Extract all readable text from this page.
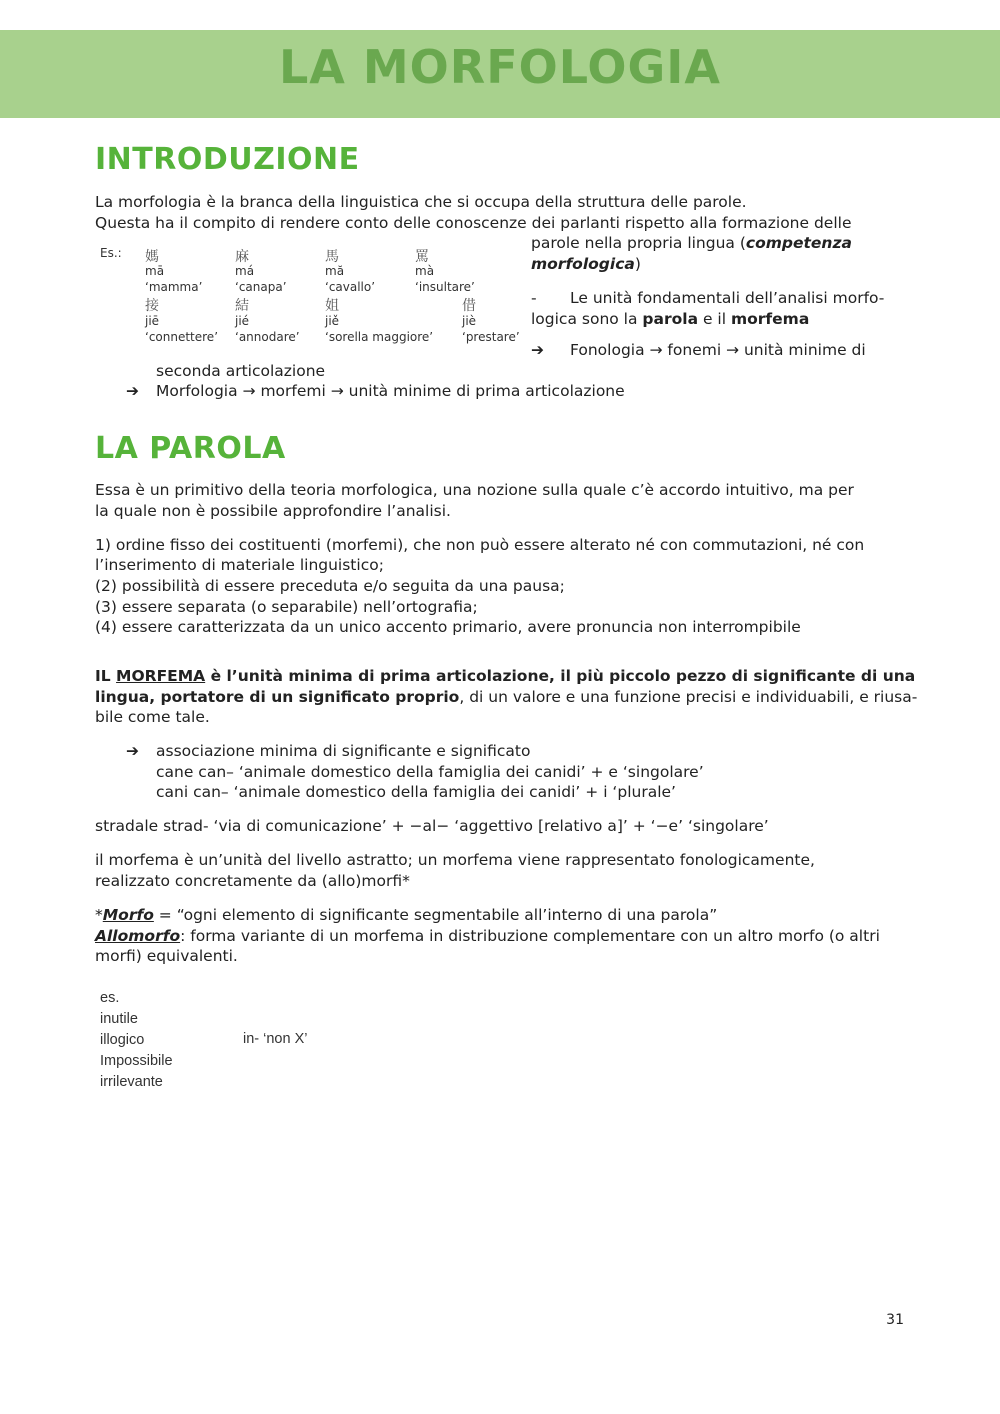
LA MORFOLOGIA
INTRODUZIONE
La morfologia è la branca della linguistica che si occupa della struttura delle parole.
Questa ha il compito di rendere conto delle conoscenze dei parlanti rispetto alla formazione delle
parole nella propria lingua (competenza
morfologica)
Es.: 媽
mā
‘mamma’
麻
má
‘canapa’
馬
mă
‘cavallo’
罵
mà
‘insultare’
接
jiē
‘connettere’
結
jié
‘annodare’
姐
jiě
‘sorella maggiore’
借
jiè
‘prestare’
- Le unità fondamentali dell’analisi morfo-
logica sono la parola e il morfema
➔ Fonologia → fonemi → unità minime di
seconda articolazione
➔ Morfologia → morfemi → unità minime di prima articolazione
LA PAROLA
Essa è un primitivo della teoria morfologica, una nozione sulla quale c’è accordo intuitivo, ma per
la quale non è possibile approfondire l’analisi.
1) ordine fisso dei costituenti (morfemi), che non può essere alterato né con commutazioni, né con
l’inserimento di materiale linguistico;
(2) possibilità di essere preceduta e/o seguita da una pausa;
(3) essere separata (o separabile) nell’ortografia;
(4) essere caratterizzata da un unico accento primario, avere pronuncia non interrompibile
IL MORFEMA è l’unità minima di prima articolazione, il più piccolo pezzo di significante di una
lingua, portatore di un significato proprio, di un valore e una funzione precisi e individuabili, e riusa-
bile come tale.
➔ associazione minima di significante e significato
cane can– ‘animale domestico della famiglia dei canidi’ + e ‘singolare’
cani can– ‘animale domestico della famiglia dei canidi’ + i ‘plurale’
stradale strad- ‘via di comunicazione’ + −al− ‘aggettivo [relativo a]’ + ‘−e’ ‘singolare’
il morfema è un’unità del livello astratto; un morfema viene rappresentato fonologicamente,
realizzato concretamente da (allo)morfi*
*Morfo = “ogni elemento di significante segmentabile all’interno di una parola”
Allomorfo: forma variante di un morfema in distribuzione complementare con un altro morfo (o altri
morfi) equivalenti.
es.
inutile
illogico
Impossibile
irrilevante
in- ‘non X’
31
